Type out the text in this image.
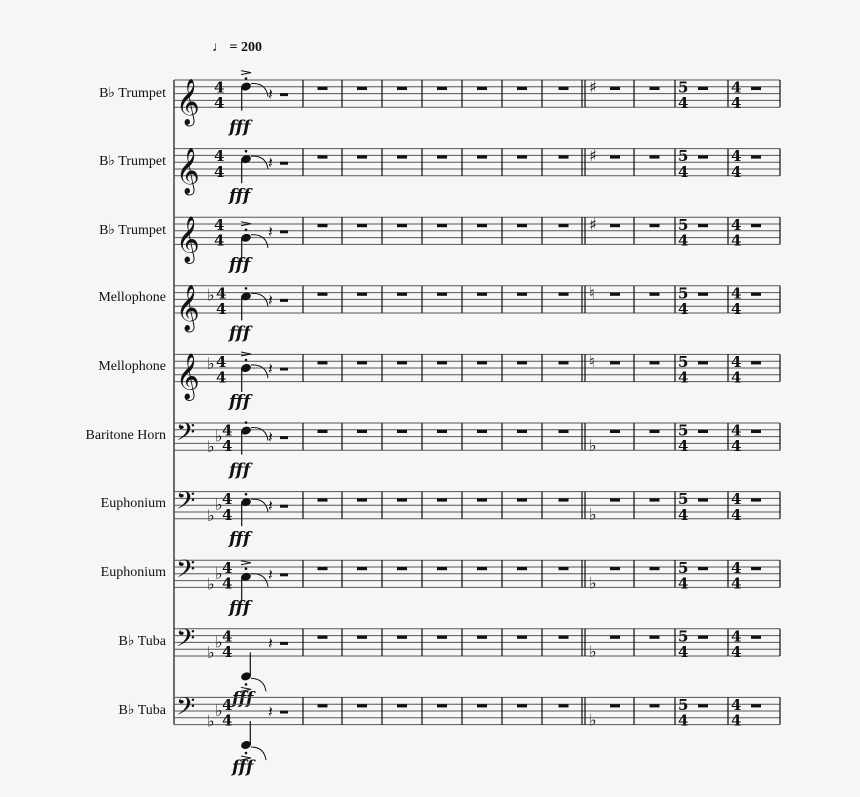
♩ = 200
B♭ Trumpet
B♭ Trumpet
B♭ Trumpet
Mellophone
Mellophone
Baritone Horn
Euphonium
Euphonium
B♭ Tuba
B♭ Tuba
𝄞 4
4	𝄽	♯	5
4
4
4
𝄞 4
4	𝄽	♯	5
4
4
4
fff
𝄞 4
4	𝄽	♯	5
4
4
4
fff
𝄞 ♭ 4
4	𝄽	♮	5
4
4
4
fff
𝄞 ♭ 4
4	𝄽	♮	5
4
4
4
fff
𝄢 ♭
♭ 4
4 𝄽	♭
5
4
4
4
fff
𝄢 ♭
♭ 4
4 𝄽	♭
5
4
4
4
fff
𝄢 ♭
♭ 4
4 𝄽	♭
5
4
4
4
fff
𝄢 ♭
♭ 4
4 𝄽	♭
5
4
4
4
fff
fff
𝄢 ♭
♭ 4
4 𝄽	♭
5
4
4
4
fff
